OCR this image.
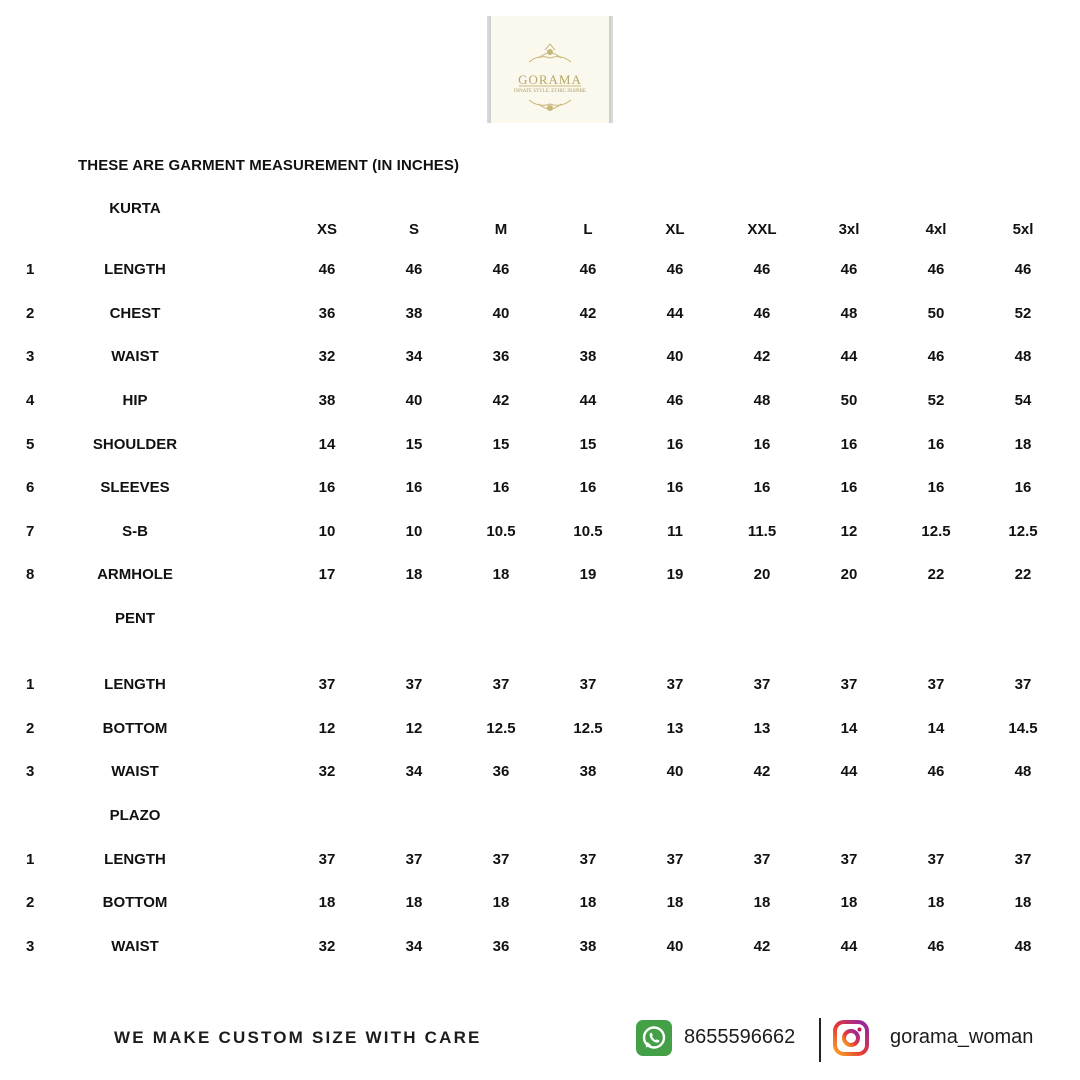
GORAMA
INNATE STYLE, ETHIC INSPIRE
THESE ARE GARMENT MEASUREMENT (IN INCHES)
XS	S	M	L	XL	XXL	3xl	4xl	5xl
KURTA
1	LENGTH	46	46	46	46	46	46	46	46	46
2	CHEST	36	38	40	42	44	46	48	50	52
3	WAIST	32	34	36	38	40	42	44	46	48
4	HIP	38	40	42	44	46	48	50	52	54
5	SHOULDER	14	15	15	15	16	16	16	16	18
6	SLEEVES	16	16	16	16	16	16	16	16	16
7	S-B	10	10	10.5	10.5	11	11.5	12	12.5	12.5
8	ARMHOLE	17	18	18	19	19	20	20	22	22
PENT
1	LENGTH	37	37	37	37	37	37	37	37	37
2	BOTTOM	12	12	12.5	12.5	13	13	14	14	14.5
3	WAIST	32	34	36	38	40	42	44	46	48
PLAZO
1	LENGTH	37	37	37	37	37	37	37	37	37
2	BOTTOM	18	18	18	18	18	18	18	18	18
3	WAIST	32	34	36	38	40	42	44	46	48
WE MAKE CUSTOM SIZE WITH CARE	8655596662	gorama_woman
